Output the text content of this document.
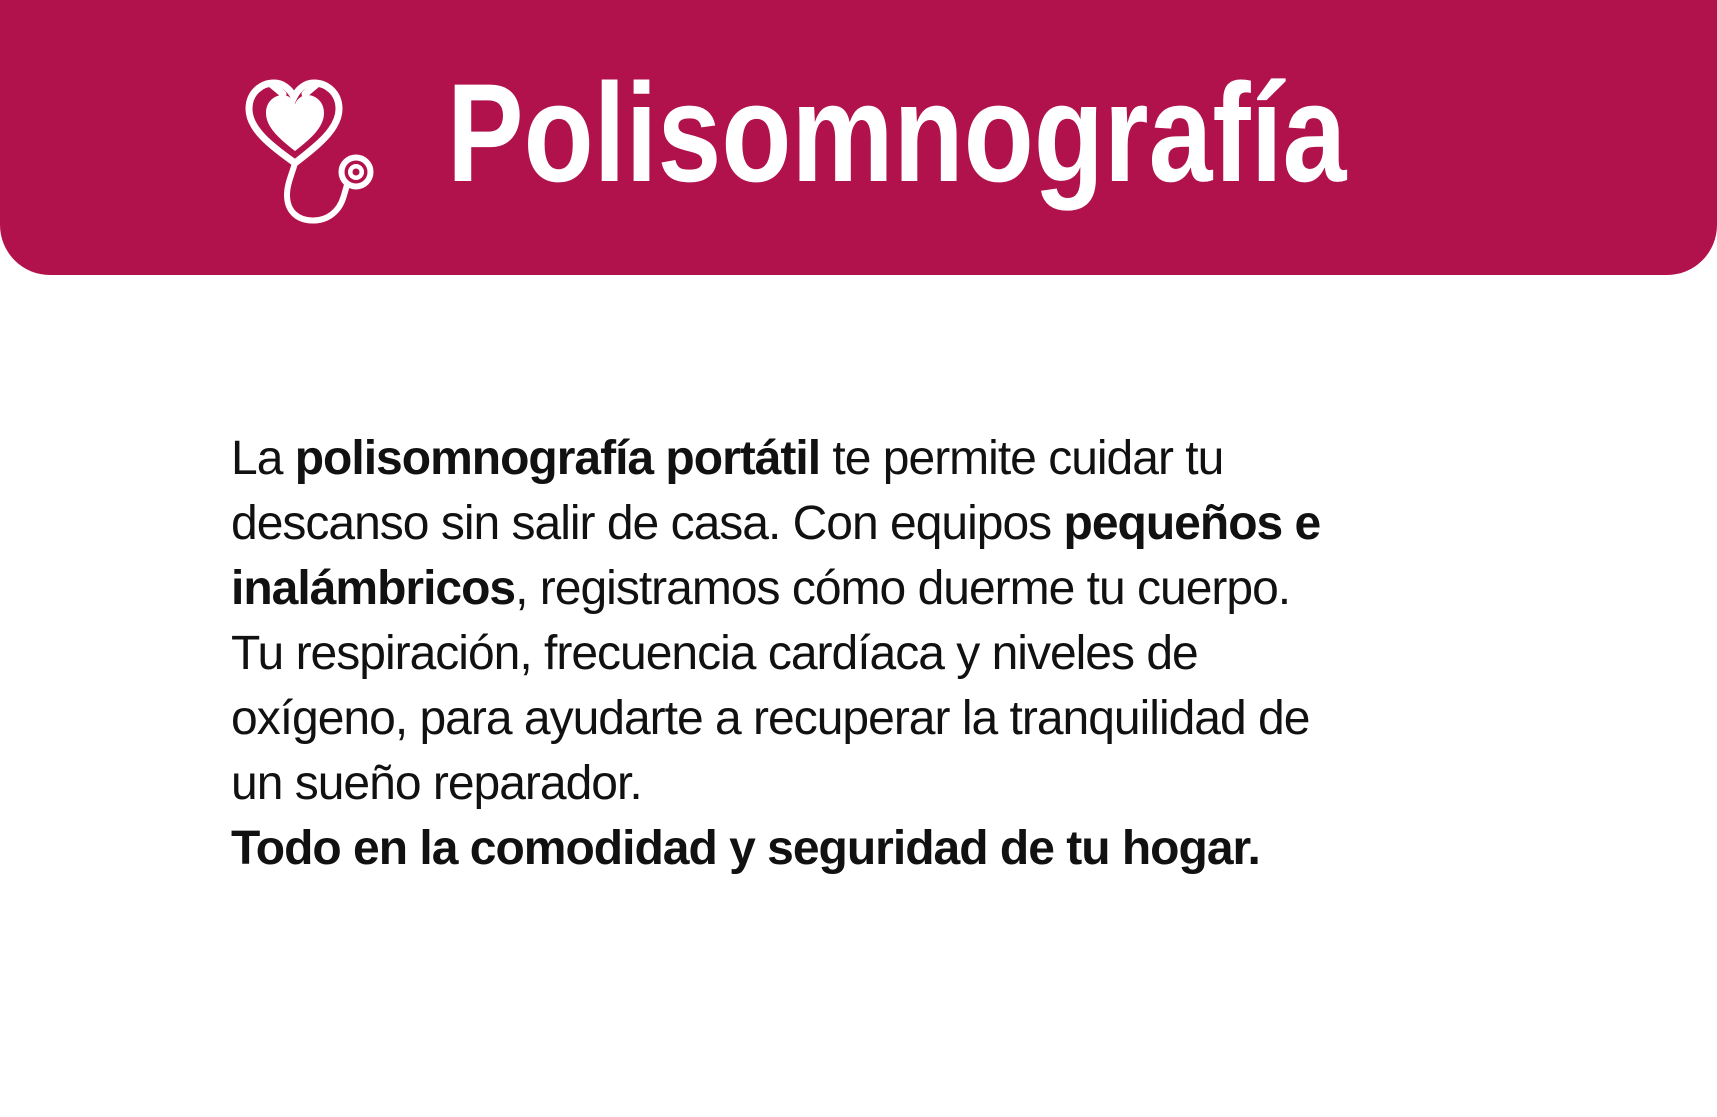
Polisomnografía
La polisomnografía portátil te permite cuidar tu
descanso sin salir de casa. Con equipos pequeños e
inalámbricos, registramos cómo duerme tu cuerpo.
Tu respiración, frecuencia cardíaca y niveles de
oxígeno, para ayudarte a recuperar la tranquilidad de
un sueño reparador.
Todo en la comodidad y seguridad de tu hogar.
